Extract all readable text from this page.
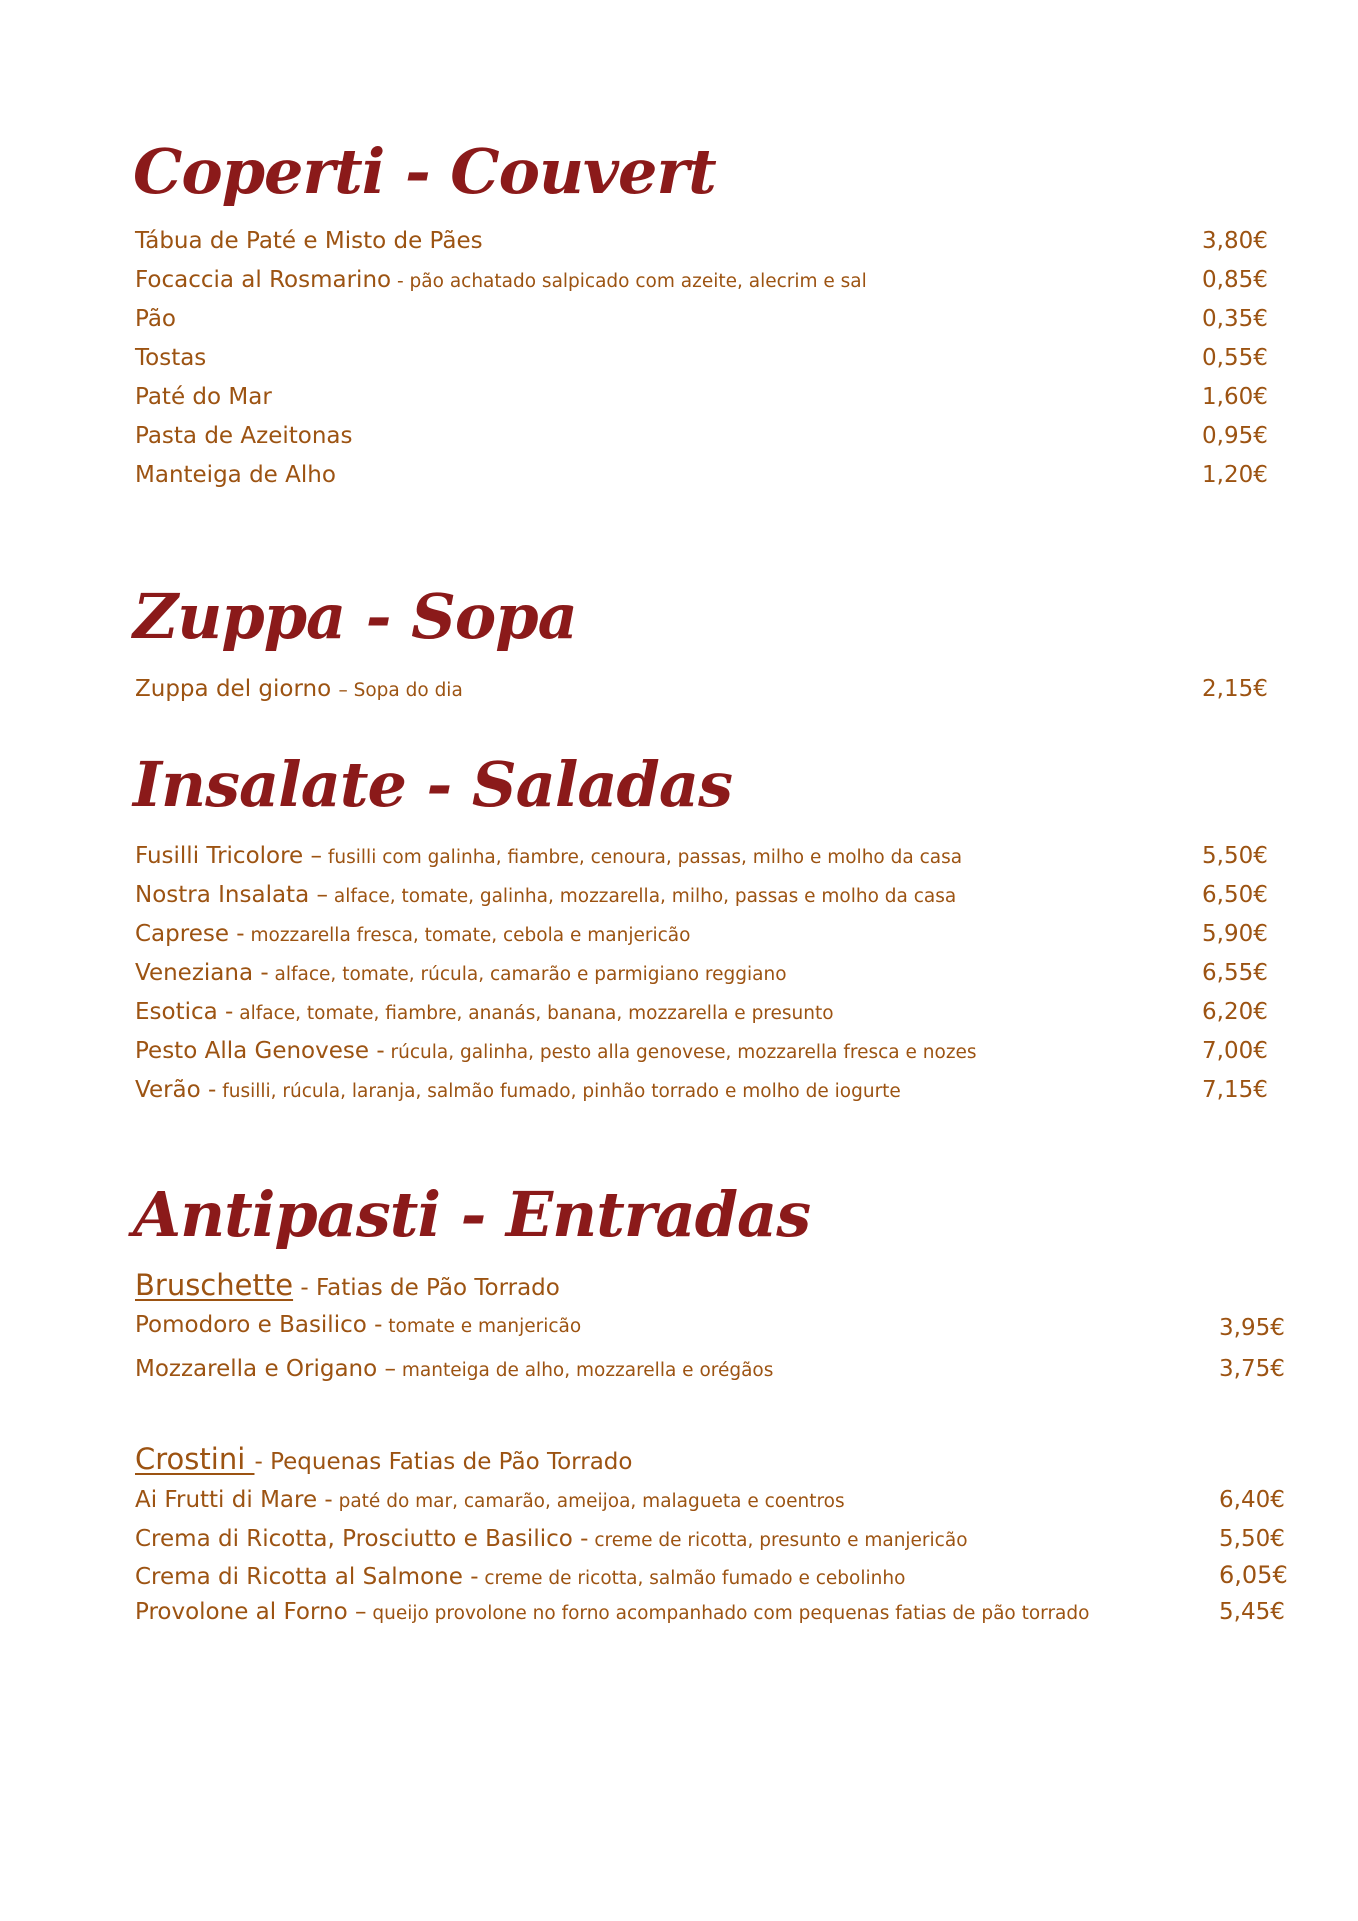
Coperti - Couvert
Tábua de Paté e Misto de Pães	3,80€
Focaccia al Rosmarino - pão achatado salpicado com azeite, alecrim e sal	0,85€
Pão	0,35€
Tostas	0,55€
Paté do Mar	1,60€
Pasta de Azeitonas	0,95€
Manteiga de Alho	1,20€
Zuppa - Sopa
Zuppa del giorno – Sopa do dia	2,15€
Insalate - Saladas
Fusilli Tricolore – fusilli com galinha, fiambre, cenoura, passas, milho e molho da casa	5,50€
Nostra Insalata – alface, tomate, galinha, mozzarella, milho, passas e molho da casa	6,50€
Caprese - mozzarella fresca, tomate, cebola e manjericão	5,90€
Veneziana - alface, tomate, rúcula, camarão e parmigiano reggiano	6,55€
Esotica - alface, tomate, fiambre, ananás, banana, mozzarella e presunto	6,20€
Pesto Alla Genovese - rúcula, galinha, pesto alla genovese, mozzarella fresca e nozes	7,00€
Verão - fusilli, rúcula, laranja, salmão fumado, pinhão torrado e molho de iogurte	7,15€
Antipasti - Entradas
Bruschette - Fatias de Pão Torrado
Pomodoro e Basilico - tomate e manjericão	3,95€
Mozzarella e Origano – manteiga de alho, mozzarella e orégãos	3,75€
Crostini - Pequenas Fatias de Pão Torrado
Ai Frutti di Mare - paté do mar, camarão, ameijoa, malagueta e coentros	6,40€
Crema di Ricotta, Prosciutto e Basilico - creme de ricotta, presunto e manjericão	5,50€
Crema di Ricotta al Salmone - creme de ricotta, salmão fumado e cebolinho	6,05€
Provolone al Forno – queijo provolone no forno acompanhado com pequenas fatias de pão torrado	5,45€
